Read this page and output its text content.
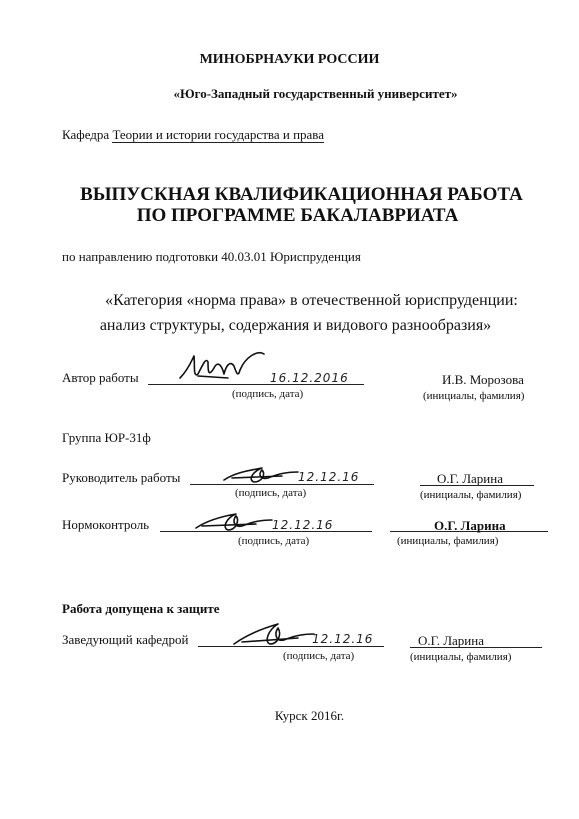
МИНОБРНАУКИ РОССИИ
«Юго-Западный государственный университет»
Кафедра Теории и истории государства и права
ВЫПУСКНАЯ КВАЛИФИКАЦИОННАЯ РАБОТА
ПО ПРОГРАММЕ БАКАЛАВРИАТА
по направлению подготовки 40.03.01 Юриспруденция
«Категория «норма права» в отечественной юриспруденции:
анализ структуры, содержания и видового разнообразия»
Автор работы	16.12.2016
(подпись, дата)
И.В. Морозова
(инициалы, фамилия)
Группа ЮР-31ф
Руководитель работы	12.12.16
(подпись, дата)
О.Г. Ларина
(инициалы, фамилия)
Нормоконтроль	12.12.16
(подпись, дата)
О.Г. Ларина
(инициалы, фамилия)
Работа допущена к защите
Заведующий кафедрой	12.12.16
(подпись, дата)
О.Г. Ларина
(инициалы, фамилия)
Курск 2016г.
